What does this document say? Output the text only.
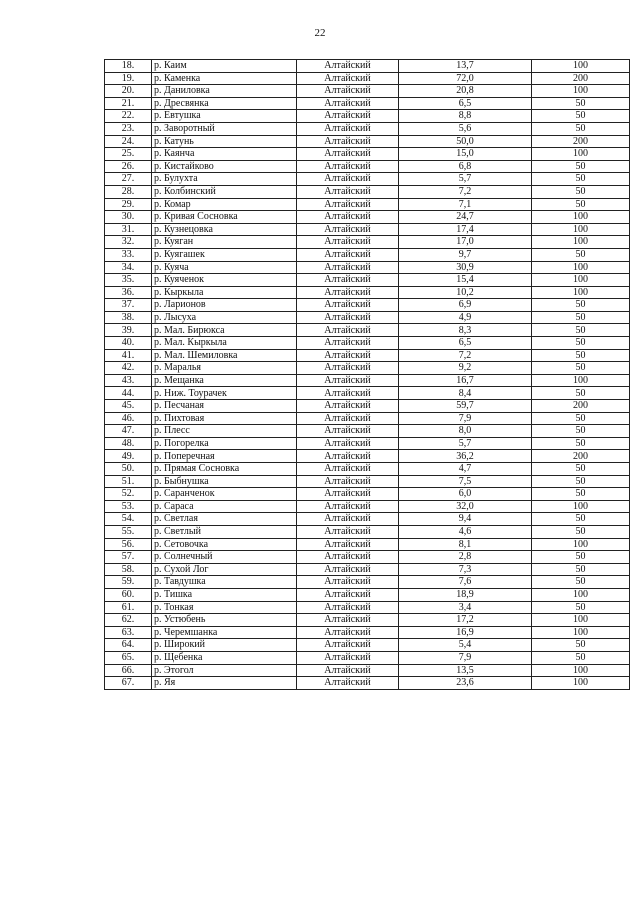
22
18.	р. Каим	Алтайский	13,7	100
19.	р. Каменка	Алтайский	72,0	200
20.	р. Даниловка	Алтайский	20,8	100
21.	р. Дресвянка	Алтайский	6,5	50
22.	р. Евтушка	Алтайский	8,8	50
23.	р. Заворотный	Алтайский	5,6	50
24.	р. Катунь	Алтайский	50,0	200
25.	р. Каянча	Алтайский	15,0	100
26.	р. Кистайково	Алтайский	6,8	50
27.	р. Булухта	Алтайский	5,7	50
28.	р. Колбинский	Алтайский	7,2	50
29.	р. Комар	Алтайский	7,1	50
30.	р. Кривая Сосновка	Алтайский	24,7	100
31.	р. Кузнецовка	Алтайский	17,4	100
32.	р. Куяган	Алтайский	17,0	100
33.	р. Куягашек	Алтайский	9,7	50
34.	р. Куяча	Алтайский	30,9	100
35.	р. Куяченок	Алтайский	15,4	100
36.	р. Кыркыла	Алтайский	10,2	100
37.	р. Ларионов	Алтайский	6,9	50
38.	р. Лысуха	Алтайский	4,9	50
39.	р. Мал. Бирюкса	Алтайский	8,3	50
40.	р. Мал. Кыркыла	Алтайский	6,5	50
41.	р. Мал. Шемиловка	Алтайский	7,2	50
42.	р. Маралья	Алтайский	9,2	50
43.	р. Мещанка	Алтайский	16,7	100
44.	р. Ниж. Тоурачек	Алтайский	8,4	50
45.	р. Песчаная	Алтайский	59,7	200
46.	р. Пихтовая	Алтайский	7,9	50
47.	р. Плесс	Алтайский	8,0	50
48.	р. Погорелка	Алтайский	5,7	50
49.	р. Поперечная	Алтайский	36,2	200
50.	р. Прямая Сосновка	Алтайский	4,7	50
51.	р. Быбнушка	Алтайский	7,5	50
52.	р. Саранченок	Алтайский	6,0	50
53.	р. Сараса	Алтайский	32,0	100
54.	р. Светлая	Алтайский	9,4	50
55.	р. Светлый	Алтайский	4,6	50
56.	р. Сетовочка	Алтайский	8,1	100
57.	р. Солнечный	Алтайский	2,8	50
58.	р. Сухой Лог	Алтайский	7,3	50
59.	р. Тавдушка	Алтайский	7,6	50
60.	р. Тишка	Алтайский	18,9	100
61.	р. Тонкая	Алтайский	3,4	50
62.	р. Устюбень	Алтайский	17,2	100
63.	р. Черемшанка	Алтайский	16,9	100
64.	р. Широкий	Алтайский	5,4	50
65.	р. Щебенка	Алтайский	7,9	50
66.	р. Этогол	Алтайский	13,5	100
67.	р. Яя	Алтайский	23,6	100
